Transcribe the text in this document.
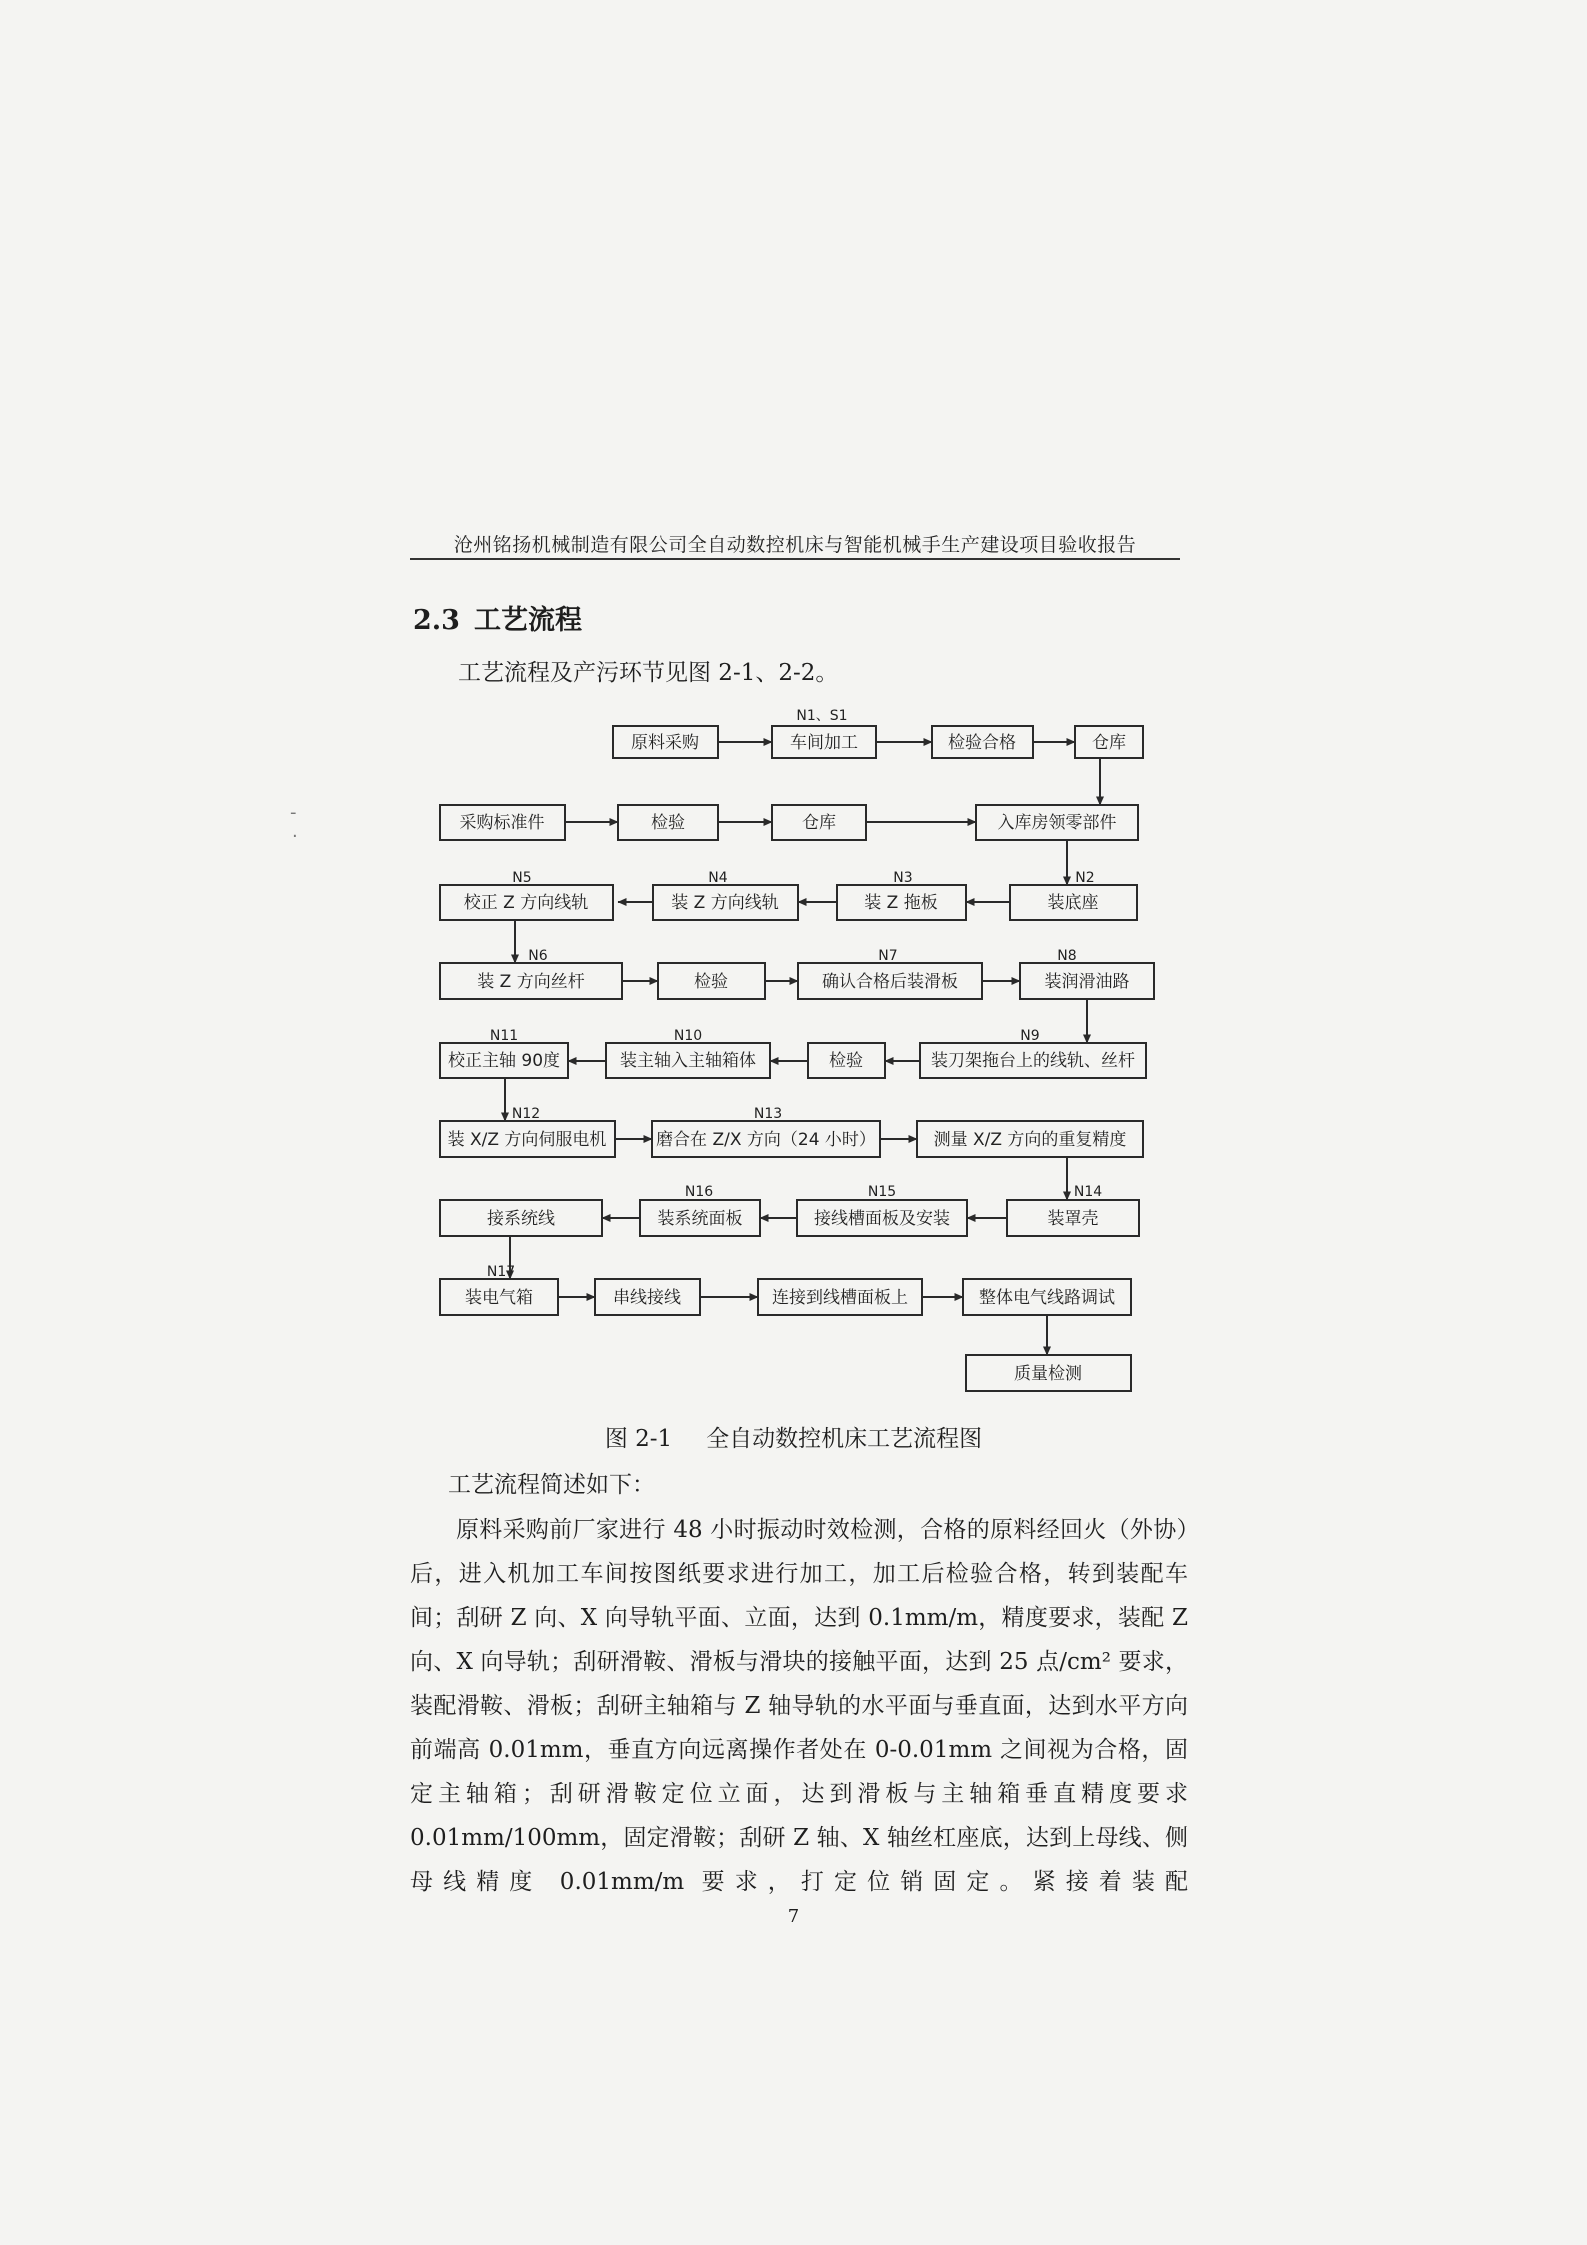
沧州铭扬机械制造有限公司全自动数控机床与智能机械手生产建设项目验收报告
2.3 工艺流程
工艺流程及产污环节见图 2-1、2-2。
-
·
原料采购	车间加工	检验合格	仓库
采购标准件	检验	仓库	入库房领零部件
校正 Z 方向线轨	装 Z 方向线轨	装 Z 拖板	装底座
装 Z 方向丝杆	检验	确认合格后装滑板	装润滑油路
校正主轴 90度	装主轴入主轴箱体	检验	装刀架拖台上的线轨、丝杆
装 X/Z 方向伺服电机	磨合在 Z/X 方向（24 小时）	测量 X/Z 方向的重复精度
接系统线	装系统面板	接线槽面板及安装	装罩壳
装电气箱	串线接线	连接到线槽面板上	整体电气线路调试
质量检测
N1、S1
N2
N3
N4
N5
N6	N7	N8
N11	N10	N9
N12	N13
N14
N15
N16
N17
图 2-1 全自动数控机床工艺流程图
工艺流程简述如下：
原料采购前厂家进行 48 小时振动时效检测，合格的原料经回火（外协）后，进入机加工车间按图纸要求进行加工，加工后检验合格，转到装配车间；刮研 Z 向、X 向导轨平面、立面，达到 0.1mm/m，精度要求，装配 Z 向、X 向导轨；刮研滑鞍、滑板与滑块的接触平面，达到 25 点/cm² 要求，装配滑鞍、滑板；刮研主轴箱与 Z 轴导轨的水平面与垂直面，达到水平方向前端高 0.01mm，垂直方向远离操作者处在 0-0.01mm 之间视为合格，固定主轴箱；刮研滑鞍定位立面，达到滑板与主轴箱垂直精度要求 0.01mm/100mm，固定滑鞍；刮研 Z 轴、X 轴丝杠座底，达到上母线、侧母线精度 0.01mm/m 要求，打定位销固定。紧接着装配
7
